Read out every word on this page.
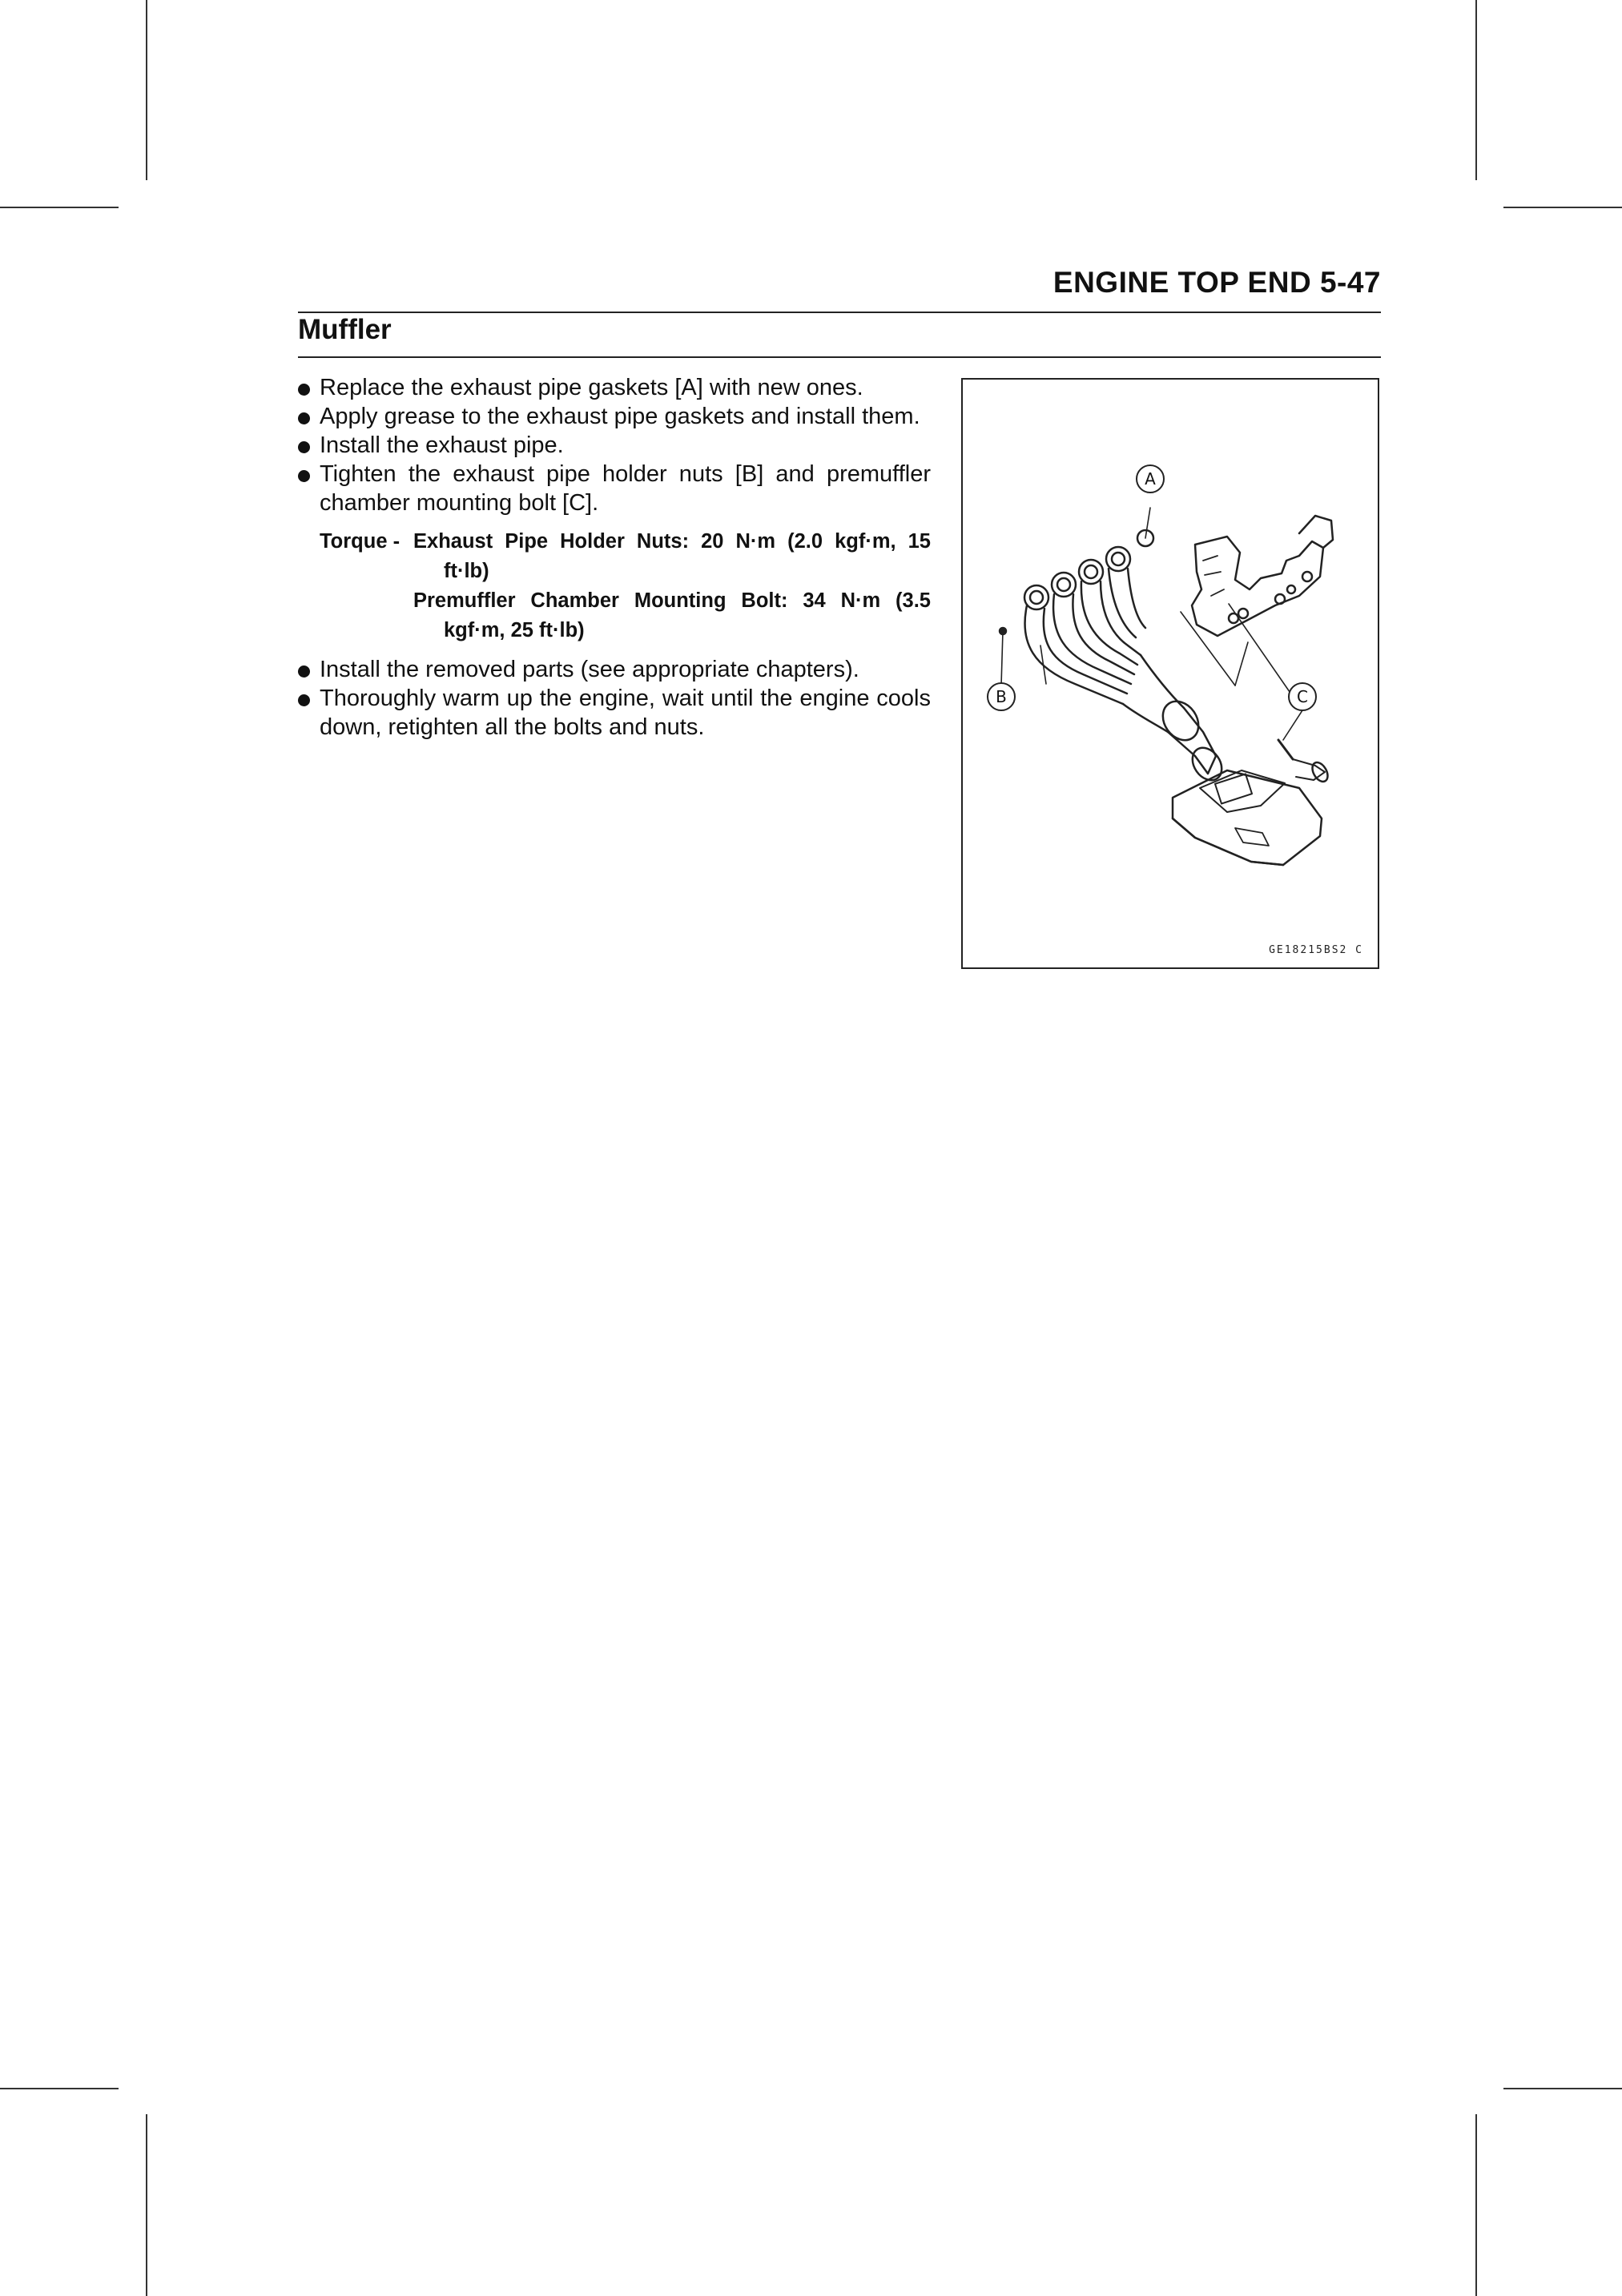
ENGINE TOP END 5-47
Muffler

Replace the exhaust pipe gaskets [A] with new ones.

Apply grease to the exhaust pipe gaskets and install them.

Install the exhaust pipe.

Tighten the exhaust pipe holder nuts [B] and premuffler chamber mounting bolt [C].

Torque - Exhaust Pipe Holder Nuts: 20 N·m (2.0 kgf·m, 15
ft·lb)
Premuffler Chamber Mounting Bolt: 34 N·m (3.5
kgf·m, 25 ft·lb)

Install the removed parts (see appropriate chapters).

Thoroughly warm up the engine, wait until the engine cools down, retighten all the bolts and nuts.

A
B	C
GE18215BS2 C
